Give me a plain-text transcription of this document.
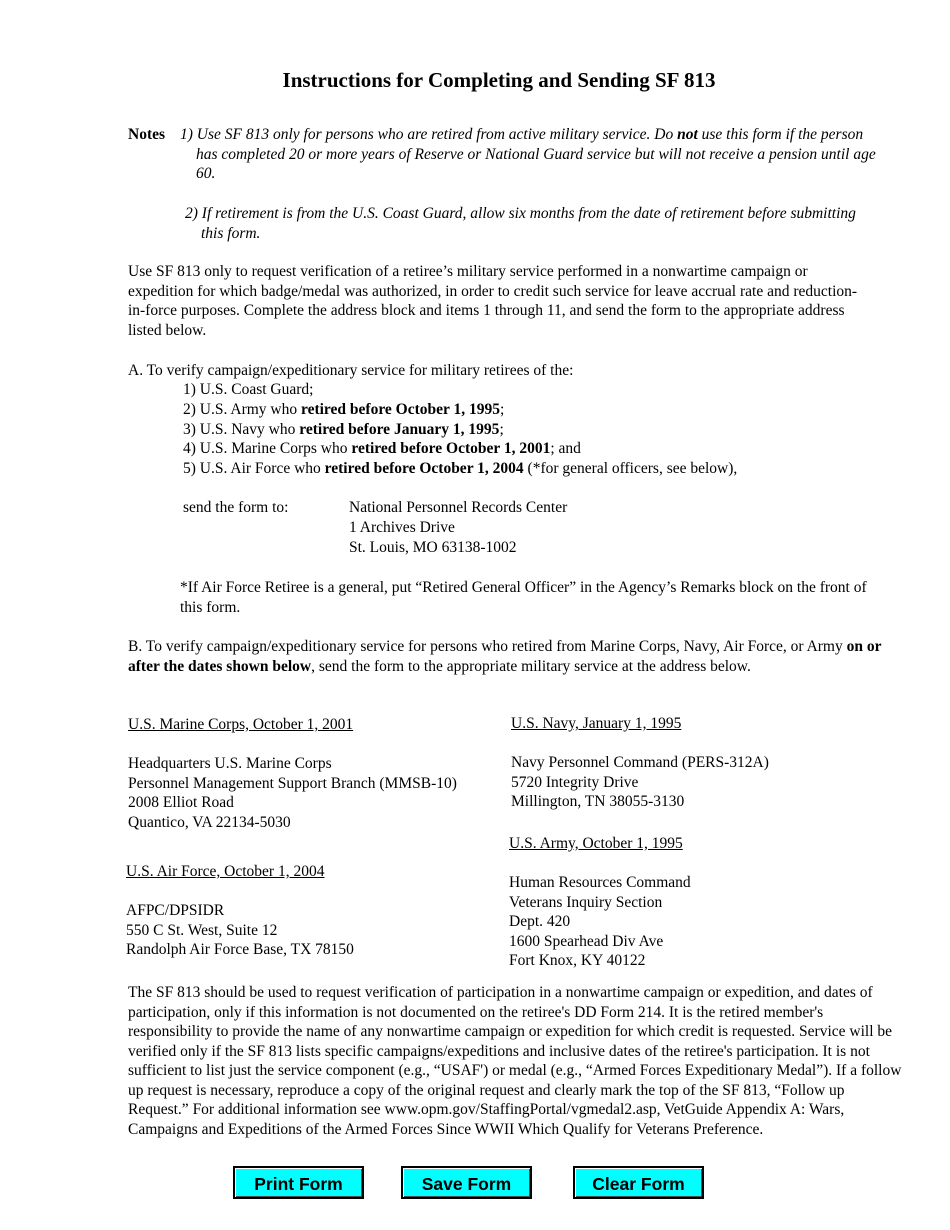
Instructions for Completing and Sending SF 813
Notes 1) Use SF 813 only for persons who are retired from active military service. Do not use this form if the person has completed 20 or more years of Reserve or National Guard service but will not receive a pension until age 60.
2) If retirement is from the U.S. Coast Guard, allow six months from the date of retirement before submitting this form.
Use SF 813 only to request verification of a retiree’s military service performed in a nonwartime campaign or expedition for which badge/medal was authorized, in order to credit such service for leave accrual rate and reduction-in-force purposes. Complete the address block and items 1 through 11, and send the form to the appropriate address listed below.
A. To verify campaign/expeditionary service for military retirees of the:
1) U.S. Coast Guard;
2) U.S. Army who retired before October 1, 1995;
3) U.S. Navy who retired before January 1, 1995;
4) U.S. Marine Corps who retired before October 1, 2001; and
5) U.S. Air Force who retired before October 1, 2004 (*for general officers, see below),
send the form to:	National Personnel Records Center
1 Archives Drive
St. Louis, MO 63138-1002
*If Air Force Retiree is a general, put “Retired General Officer” in the Agency’s Remarks block on the front of this form.
B. To verify campaign/expeditionary service for persons who retired from Marine Corps, Navy, Air Force, or Army on or after the dates shown below, send the form to the appropriate military service at the address below.
U.S. Marine Corps, October 1, 2001
Headquarters U.S. Marine Corps
Personnel Management Support Branch (MMSB-10)
2008 Elliot Road
Quantico, VA 22134-5030
U.S. Navy, January 1, 1995
Navy Personnel Command (PERS-312A)
5720 Integrity Drive
Millington, TN 38055-3130
U.S. Army, October 1, 1995
Human Resources Command
Veterans Inquiry Section
Dept. 420
1600 Spearhead Div Ave
Fort Knox, KY 40122
U.S. Air Force, October 1, 2004
AFPC/DPSIDR
550 C St. West, Suite 12
Randolph Air Force Base, TX 78150
The SF 813 should be used to request verification of participation in a nonwartime campaign or expedition, and dates of participation, only if this information is not documented on the retiree's DD Form 214. It is the retired member's responsibility to provide the name of any nonwartime campaign or expedition for which credit is requested. Service will be verified only if the SF 813 lists specific campaigns/expeditions and inclusive dates of the retiree's participation. It is not sufficient to list just the service component (e.g., “USAF') or medal (e.g., “Armed Forces Expeditionary Medal”). If a follow up request is necessary, reproduce a copy of the original request and clearly mark the top of the SF 813, “Follow up Request.” For additional information see www.opm.gov/StaffingPortal/vgmedal2.asp, VetGuide Appendix A: Wars, Campaigns and Expeditions of the Armed Forces Since WWII Which Qualify for Veterans Preference.
Print Form	Save Form	Clear Form
